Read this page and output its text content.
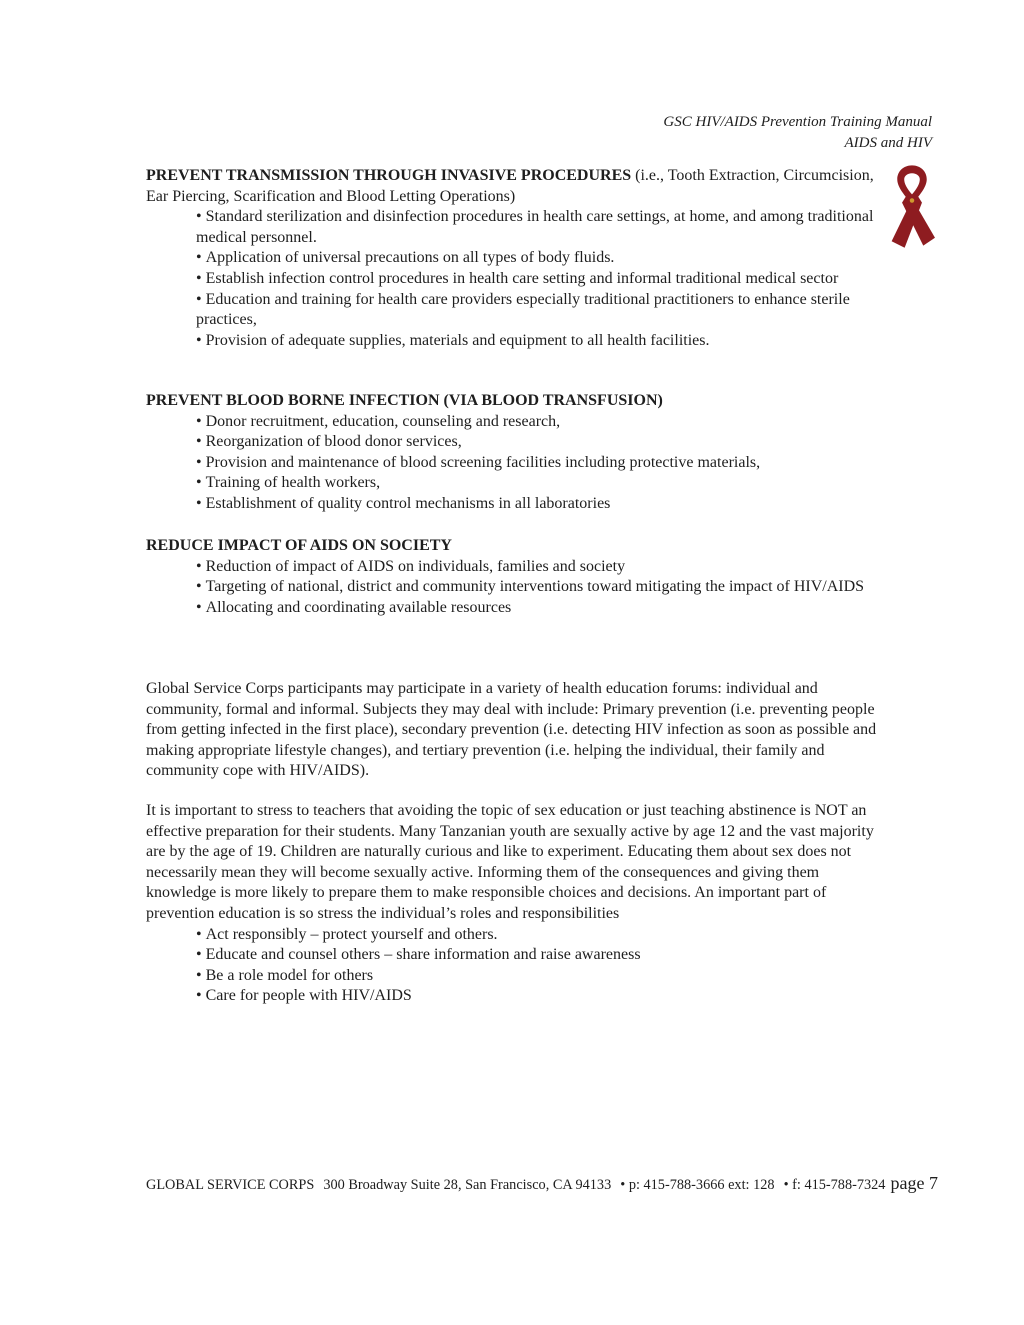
GSC HIV/AIDS Prevention Training Manual
AIDS and HIV
PREVENT TRANSMISSION THROUGH INVASIVE PROCEDURES (i.e., Tooth Extraction, Circumcision, Ear Piercing, Scarification and Blood Letting Operations)
• Standard sterilization and disinfection procedures in health care settings, at home, and among traditional medical personnel.
• Application of universal precautions on all types of body fluids.
• Establish infection control procedures in health care setting and informal traditional medical sector
• Education and training for health care providers especially traditional practitioners to enhance sterile practices,
• Provision of adequate supplies, materials and equipment to all health facilities.
PREVENT BLOOD BORNE INFECTION (VIA BLOOD TRANSFUSION)
• Donor recruitment, education, counseling and research,
• Reorganization of blood donor services,
• Provision and maintenance of blood screening facilities including protective materials,
• Training of health workers,
• Establishment of quality control mechanisms in all laboratories
REDUCE IMPACT OF AIDS ON SOCIETY
• Reduction of impact of AIDS on individuals, families and society
• Targeting of national, district and community interventions toward mitigating the impact of HIV/AIDS
• Allocating and coordinating available resources
Global Service Corps participants may participate in a variety of health education forums: individual and community, formal and informal. Subjects they may deal with include: Primary prevention (i.e. preventing people from getting infected in the first place), secondary prevention (i.e. detecting HIV infection as soon as possible and making appropriate lifestyle changes), and tertiary prevention (i.e. helping the individual, their family and community cope with HIV/AIDS).
It is important to stress to teachers that avoiding the topic of sex education or just teaching abstinence is NOT an effective preparation for their students. Many Tanzanian youth are sexually active by age 12 and the vast majority are by the age of 19. Children are naturally curious and like to experiment. Educating them about sex does not necessarily mean they will become sexually active. Informing them of the consequences and giving them knowledge is more likely to prepare them to make responsible choices and decisions. An important part of prevention education is so stress the individual’s roles and responsibilities
• Act responsibly – protect yourself and others.
• Educate and counsel others – share information and raise awareness
• Be a role model for others
• Care for people with HIV/AIDS
GLOBAL SERVICE CORPS 300 Broadway Suite 28, San Francisco, CA 94133 • p: 415-788-3666 ext: 128 • f: 415-788-7324 page 7
